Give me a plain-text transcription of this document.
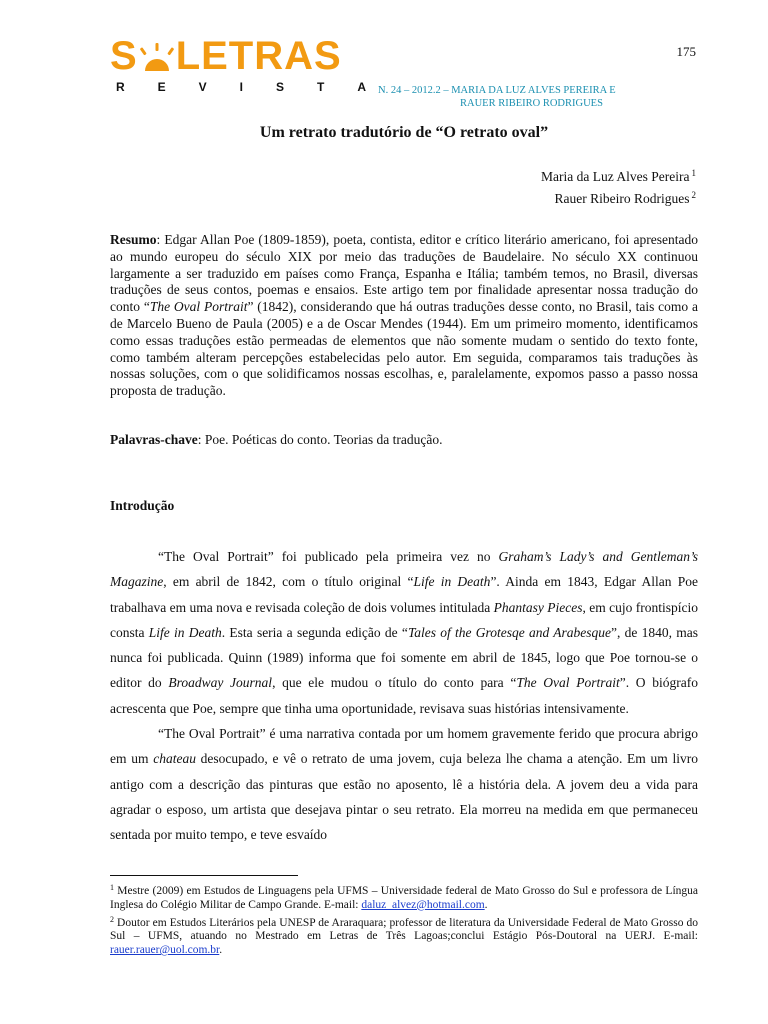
175
S LETRAS
R	E	V	I	S	T	A N. 24 – 2012.2 – MARIA DA LUZ ALVES PEREIRA E
RAUER RIBEIRO RODRIGUES
Um retrato tradutório de “O retrato oval”
Maria da Luz Alves Pereira $^1$
Rauer Ribeiro Rodrigues $^2$
Resumo: Edgar Allan Poe (1809-1859), poeta, contista, editor e crítico literário americano, foi apresentado ao mundo europeu do século XIX por meio das traduções de Baudelaire. No século XX continuou largamente a ser traduzido em países como França, Espanha e Itália; também temos, no Brasil, diversas traduções de seus contos, poemas e ensaios. Este artigo tem por finalidade apresentar nossa tradução do conto “The Oval Portrait” (1842), considerando que há outras traduções desse conto, no Brasil, tais como a de Marcelo Bueno de Paula (2005) e a de Oscar Mendes (1944). Em um primeiro momento, identificamos como essas traduções estão permeadas de elementos que não somente mudam o sentido do texto fonte, como também alteram percepções estabelecidas pelo autor. Em seguida, comparamos tais traduções às nossas soluções, com o que solidificamos nossas escolhas, e, paralelamente, expomos passo a passo nossa proposta de tradução.
Palavras-chave: Poe. Poéticas do conto. Teorias da tradução.
Introdução

“The Oval Portrait” foi publicado pela primeira vez no Graham’s Lady’s and Gentleman’s Magazine, em abril de 1842, com o título original “Life in Death”. Ainda em 1843, Edgar Allan Poe trabalhava em uma nova e revisada coleção de dois volumes intitulada Phantasy Pieces, em cujo frontispício consta Life in Death. Esta seria a segunda edição de “Tales of the Grotesqe and Arabesque”, de 1840, mas nunca foi publicada. Quinn (1989) informa que foi somente em abril de 1845, logo que Poe tornou-se o editor do Broadway Journal, que ele mudou o título do conto para “The Oval Portrait”. O biógrafo acrescenta que Poe, sempre que tinha uma oportunidade, revisava suas histórias intensivamente.

“The Oval Portrait” é uma narrativa contada por um homem gravemente ferido que procura abrigo em um chateau desocupado, e vê o retrato de uma jovem, cuja beleza lhe chama a atenção. Em um livro antigo com a descrição das pinturas que estão no aposento, lê a história dela. A jovem deu a vida para agradar o esposo, um artista que desejava pintar o seu retrato. Ela morreu na medida em que permaneceu sentada por muito tempo, e teve esvaído

$^1$ Mestre (2009) em Estudos de Linguagens pela UFMS – Universidade federal de Mato Grosso do Sul e professora de Língua Inglesa do Colégio Militar de Campo Grande. E-mail: daluz_alvez@hotmail.com.

$^2$ Doutor em Estudos Literários pela UNESP de Araraquara; professor de literatura da Universidade Federal de Mato Grosso do Sul – UFMS, atuando no Mestrado em Letras de Três Lagoas;conclui Estágio Pós-Doutoral na UERJ. E-mail: rauer.rauer@uol.com.br.
